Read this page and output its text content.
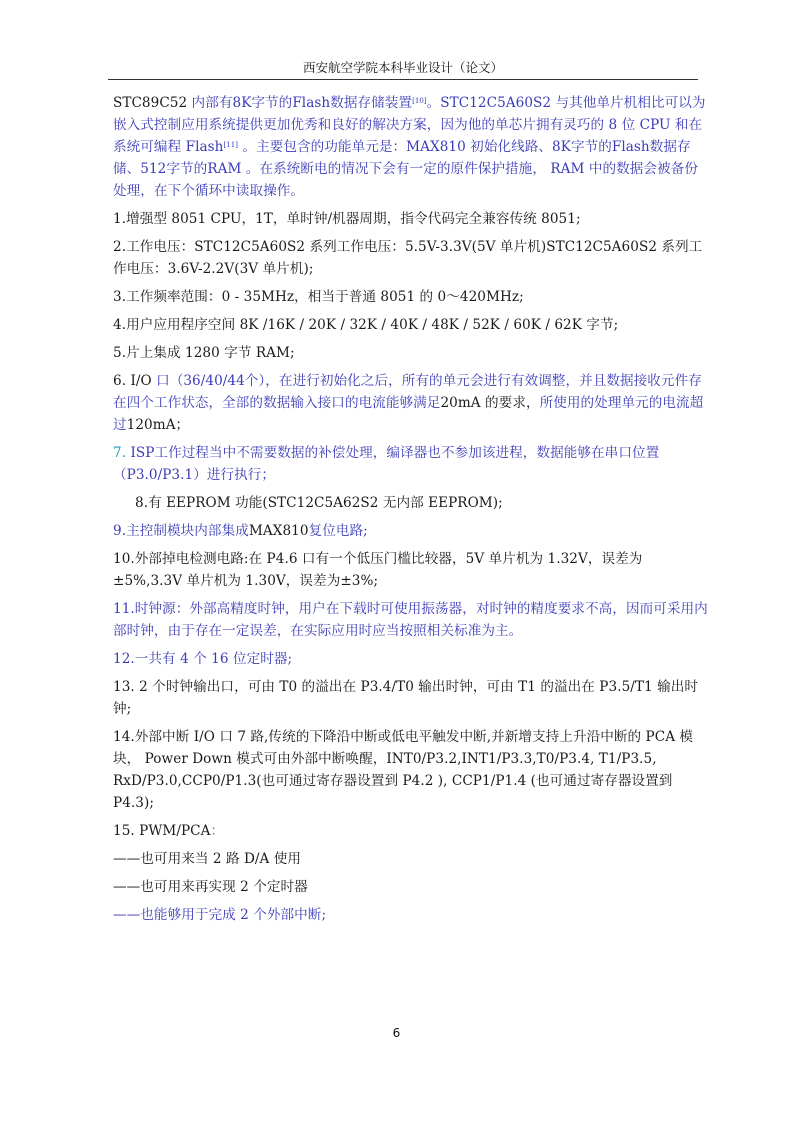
西安航空学院本科毕业设计（论文）

STC89C52 内部有8K字节的Flash数据存储装置[10]。STC12C5A60S2 与其他单片机相比可以为嵌入式控制应用系统提供更加优秀和良好的解决方案，因为他的单芯片拥有灵巧的 8 位 CPU 和在系统可编程 Flash[11] 。主要包含的功能单元是：MAX810 初始化线路、8K字节的Flash数据存储、512字节的RAM 。在系统断电的情况下会有一定的原件保护措施， RAM 中的数据会被备份处理，在下个循环中读取操作。

1.增强型 8051 CPU，1T，单时钟/机器周期，指令代码完全兼容传统 8051;

2.工作电压：STC12C5A60S2 系列工作电压：5.5V-3.3V(5V 单片机)STC12C5A60S2 系列工作电压：3.6V-2.2V(3V 单片机);

3.工作频率范围：0 - 35MHz，相当于普通 8051 的 0～420MHz;

4.用户应用程序空间 8K /16K / 20K / 32K / 40K / 48K / 52K / 60K / 62K 字节;

5.片上集成 1280 字节 RAM;

6. I/O 口（36/40/44个），在进行初始化之后，所有的单元会进行有效调整，并且数据接收元件存在四个工作状态，全部的数据输入接口的电流能够满足20mA 的要求，所使用的处理单元的电流超过120mA；

7. ISP工作过程当中不需要数据的补偿处理，编译器也不参加该进程，数据能够在串口位置（P3.0/P3.1）进行执行；

8.有 EEPROM 功能(STC12C5A62S2 无内部 EEPROM);

9.主控制模块内部集成MAX810复位电路;

10.外部掉电检测电路:在 P4.6 口有一个低压门槛比较器，5V 单片机为 1.32V，误差为±5%,3.3V 单片机为 1.30V，误差为±3%;

11.时钟源：外部高精度时钟，用户在下载时可使用振荡器，对时钟的精度要求不高，因而可采用内部时钟，由于存在一定误差，在实际应用时应当按照相关标准为主。

12.一共有 4 个 16 位定时器;

13. 2 个时钟输出口，可由 T0 的溢出在 P3.4/T0 输出时钟，可由 T1 的溢出在 P3.5/T1 输出时钟;

14.外部中断 I/O 口 7 路,传统的下降沿中断或低电平触发中断,并新增支持上升沿中断的 PCA 模块， Power Down 模式可由外部中断唤醒，INT0/P3.2,INT1/P3.3,T0/P3.4, T1/P3.5, RxD/P3.0,CCP0/P1.3(也可通过寄存器设置到 P4.2 ), CCP1/P1.4 (也可通过寄存器设置到 P4.3);

15. PWM/PCA：

——也可用来当 2 路 D/A 使用

——也可用来再实现 2 个定时器

——也能够用于完成 2 个外部中断;

6
